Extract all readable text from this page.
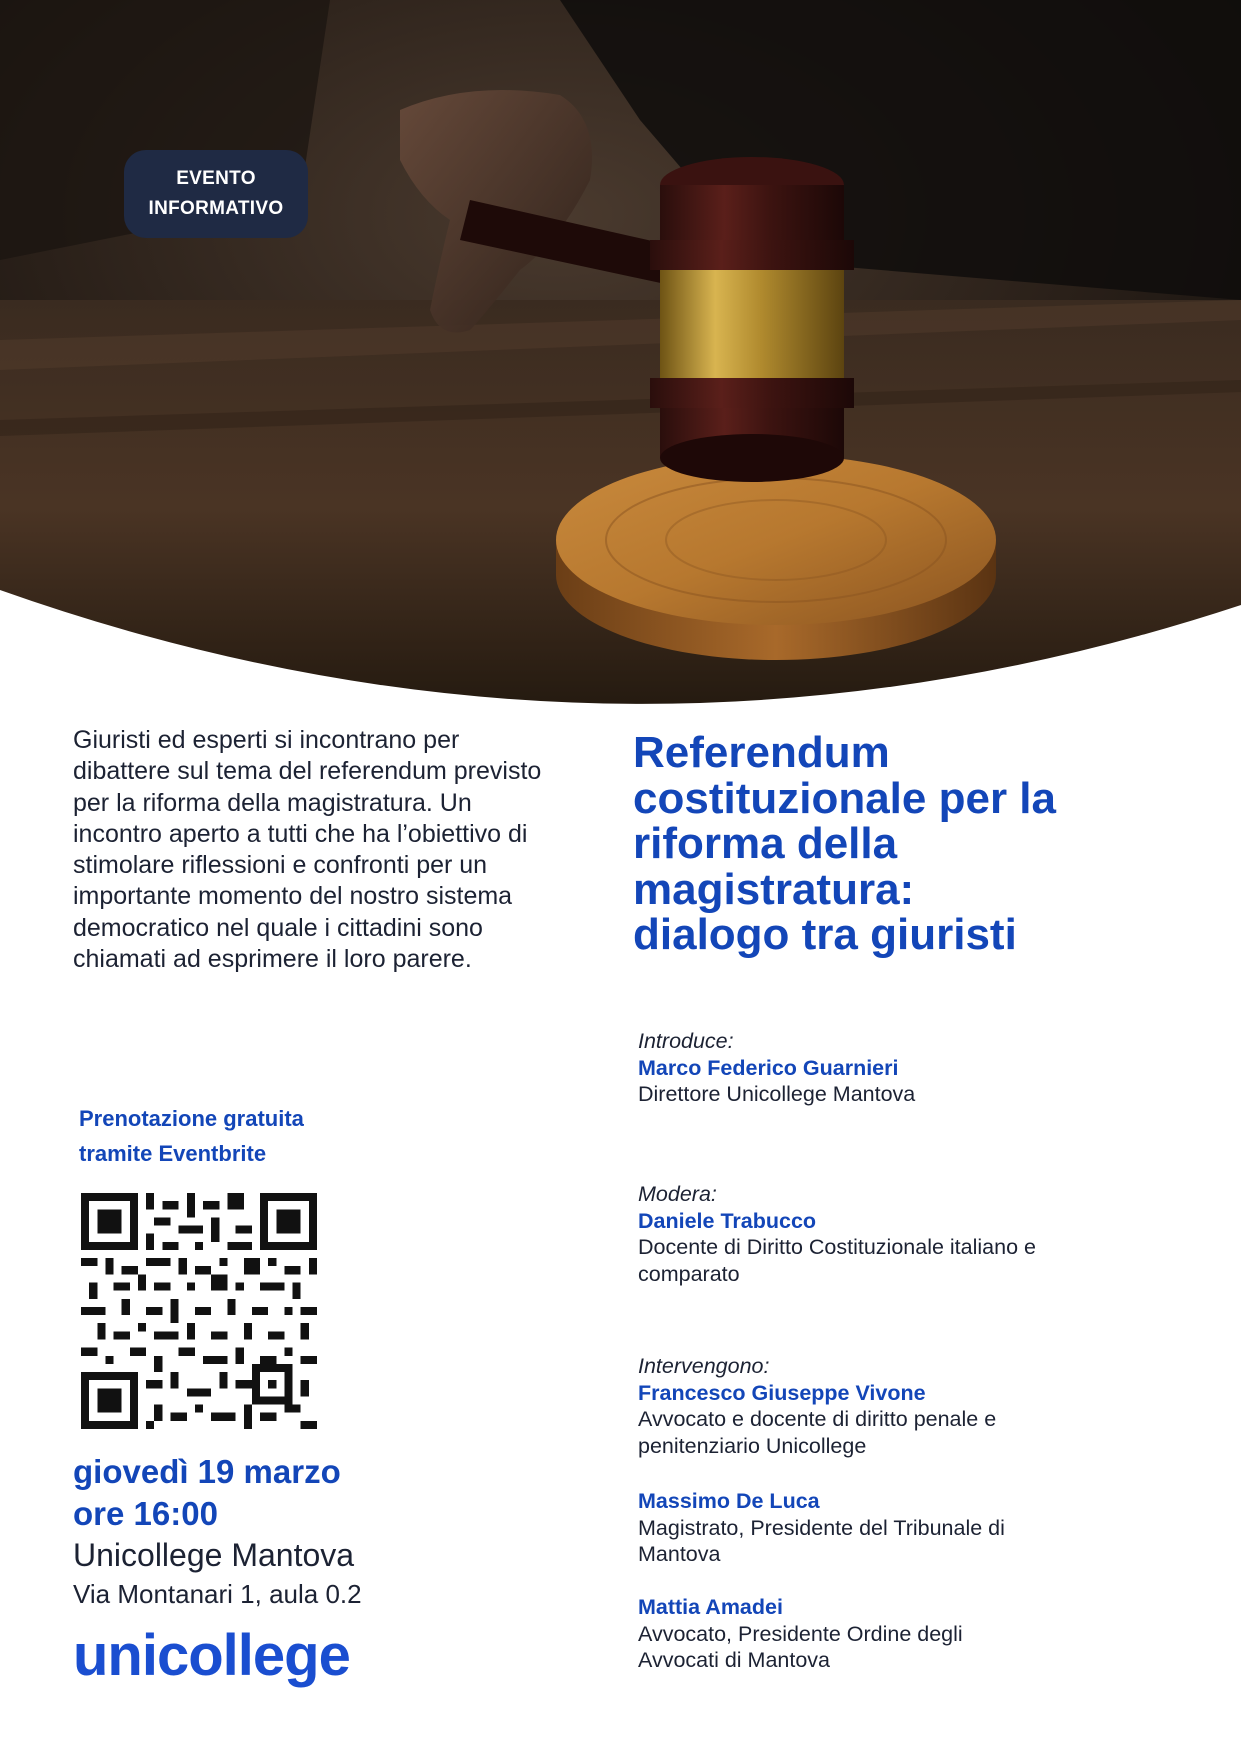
EVENTO
INFORMATIVO

Giuristi ed esperti si incontrano per dibattere sul tema del referendum previsto per la riforma della magistratura. Un incontro aperto a tutti che ha l’obiettivo di stimolare riflessioni e confronti per un importante momento del nostro sistema democratico nel quale i cittadini sono chiamati ad esprimere il loro parere.

Prenotazione gratuita
tramite Eventbrite
giovedì 19 marzo
ore 16:00
Unicollege Mantova
Via Montanari 1, aula 0.2
unicollege
Referendum
costituzionale per la
riforma della
magistratura:
dialogo tra giuristi
Introduce:
Marco Federico Guarnieri
Direttore Unicollege Mantova
Modera:
Daniele Trabucco
Docente di Diritto Costituzionale italiano e
comparato
Intervengono:
Francesco Giuseppe Vivone
Avvocato e docente di diritto penale e
penitenziario Unicollege
Massimo De Luca
Magistrato, Presidente del Tribunale di
Mantova
Mattia Amadei
Avvocato, Presidente Ordine degli
Avvocati di Mantova
